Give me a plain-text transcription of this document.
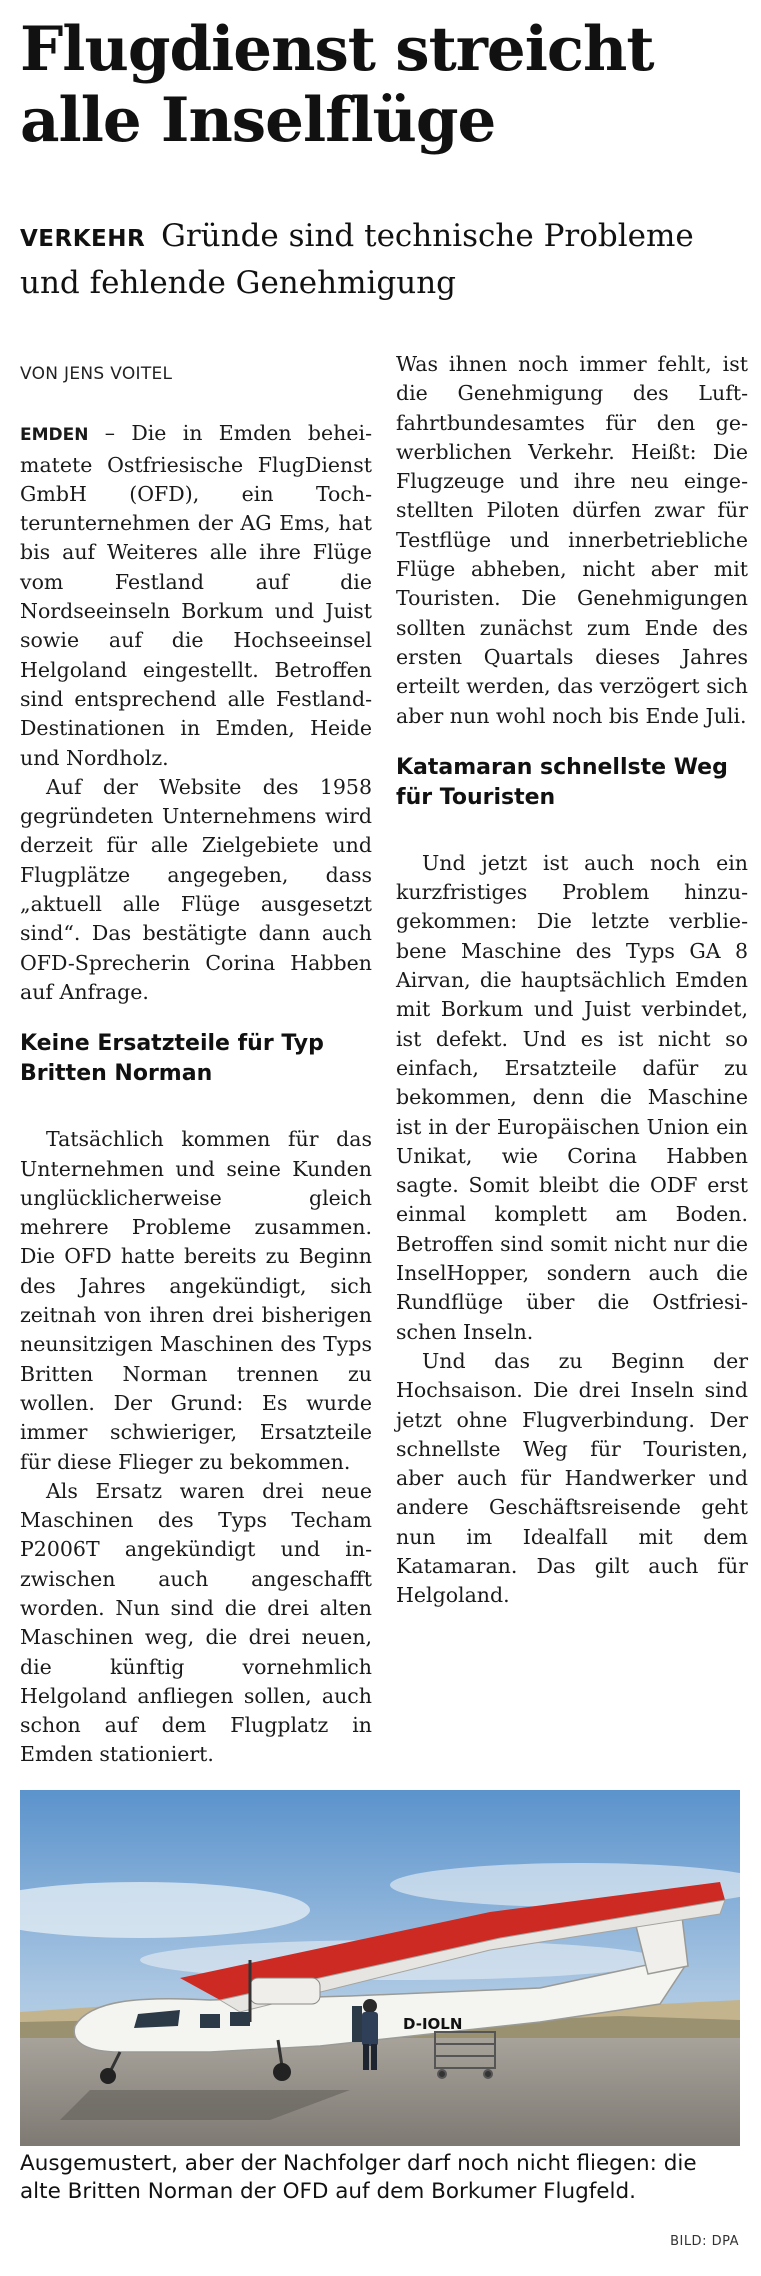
Flugdienst streicht
alle Inselflüge
VERKEHR Gründe sind technische Probleme und fehlende Genehmigung
VON JENS VOITEL

EMDEN – Die in Emden beheimatete Ostfriesische FlugDienst GmbH (OFD), ein Tochterunternehmen der AG Ems, hat bis auf Weiteres alle ihre Flüge vom Festland auf die Nordseeinseln Borkum und Juist sowie auf die Hochseeinsel Helgoland eingestellt. Betroffen sind entsprechend alle Festland-Destinationen in Emden, Heide und Nordholz.

Auf der Website des 1958 gegründeten Unternehmens wird derzeit für alle Zielgebiete und Flugplätze angegeben, dass „aktuell alle Flüge ausgesetzt sind“. Das bestätigte dann auch OFD-Sprecherin Corina Habben auf Anfrage.

Keine Ersatzteile für Typ Britten Norman

Tatsächlich kommen für das Unternehmen und seine Kunden unglücklicherweise gleich mehrere Probleme zusammen. Die OFD hatte bereits zu Beginn des Jahres angekündigt, sich zeitnah von ihren drei bisherigen neunsitzigen Maschinen des Typs Britten Norman trennen zu wollen. Der Grund: Es wurde immer schwieriger, Ersatzteile für diese Flieger zu bekommen.

Als Ersatz waren drei neue Maschinen des Typs Techam P2006T angekündigt und inzwischen auch angeschafft worden. Nun sind die drei alten Maschinen weg, die drei neuen, die künftig vornehmlich Helgoland anfliegen sollen, auch schon auf dem Flugplatz in Emden stationiert.

Was ihnen noch immer fehlt, ist die Genehmigung des Luftfahrtbundesamtes für den gewerblichen Verkehr. Heißt: Die Flugzeuge und ihre neu eingestellten Piloten dürfen zwar für Testflüge und innerbetriebliche Flüge abheben, nicht aber mit Touristen. Die Genehmigungen sollten zunächst zum Ende des ersten Quartals dieses Jahres erteilt werden, das verzögert sich aber nun wohl noch bis Ende Juli.

Katamaran schnellste Weg für Touristen

Und jetzt ist auch noch ein kurzfristiges Problem hinzugekommen: Die letzte verbliebene Maschine des Typs GA 8 Airvan, die hauptsächlich Emden mit Borkum und Juist verbindet, ist defekt. Und es ist nicht so einfach, Ersatzteile dafür zu bekommen, denn die Maschine ist in der Europäischen Union ein Unikat, wie Corina Habben sagte. Somit bleibt die ODF erst einmal komplett am Boden. Betroffen sind somit nicht nur die InselHopper, sondern auch die Rundflüge über die Ostfriesischen Inseln.

Und das zu Beginn der Hochsaison. Die drei Inseln sind jetzt ohne Flugverbindung. Der schnellste Weg für Touristen, aber auch für Handwerker und andere Geschäftsreisende geht nun im Idealfall mit dem Katamaran. Das gilt auch für Helgoland.

D-IOLN
Ausgemustert, aber der Nachfolger darf noch nicht fliegen: die alte Britten Norman der OFD auf dem Borkumer Flugfeld.
BILD: DPA
